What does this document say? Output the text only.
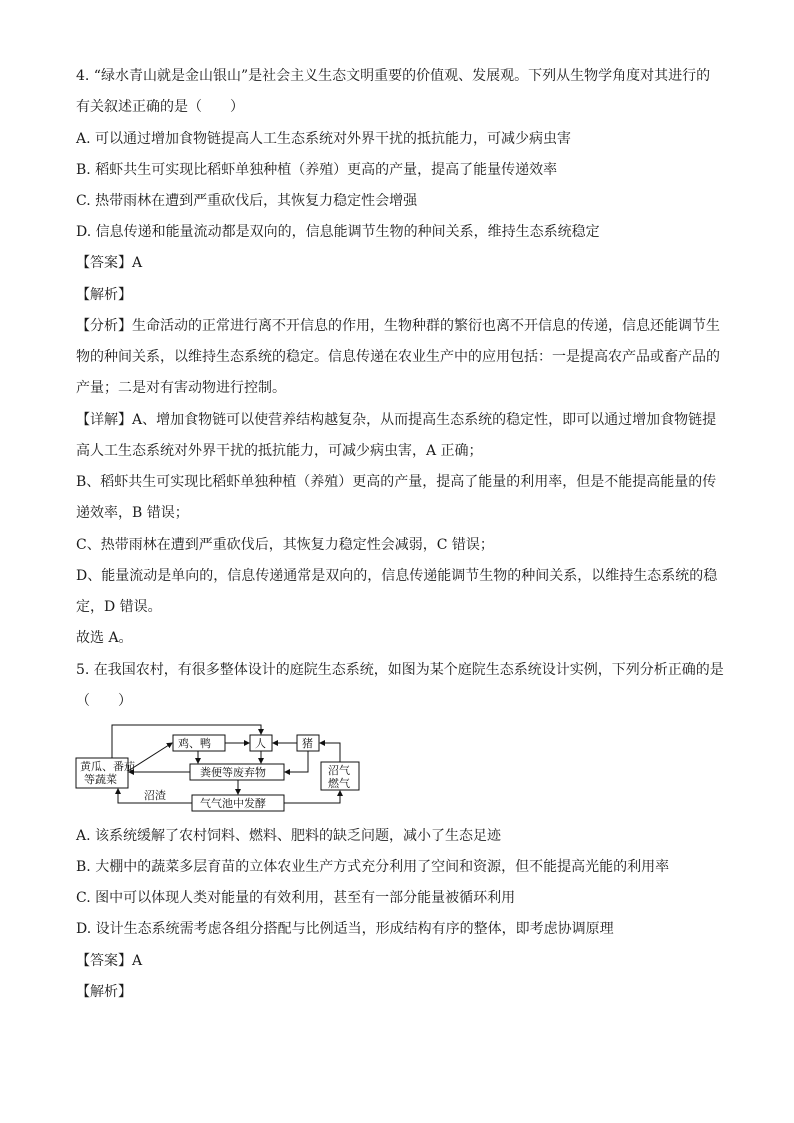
4. “绿水青山就是金山银山”是社会主义生态文明重要的价值观、发展观。下列从生物学角度对其进行的
有关叙述正确的是（　　）
A. 可以通过增加食物链提高人工生态系统对外界干扰的抵抗能力，可减少病虫害
B. 稻虾共生可实现比稻虾单独种植（养殖）更高的产量，提高了能量传递效率
C. 热带雨林在遭到严重砍伐后，其恢复力稳定性会增强
D. 信息传递和能量流动都是双向的，信息能调节生物的种间关系，维持生态系统稳定
【答案】A
【解析】
【分析】生命活动的正常进行离不开信息的作用，生物种群的繁衍也离不开信息的传递，信息还能调节生
物的种间关系，以维持生态系统的稳定。信息传递在农业生产中的应用包括：一是提高农产品或畜产品的
产量；二是对有害动物进行控制。
【详解】A、增加食物链可以使营养结构越复杂，从而提高生态系统的稳定性，即可以通过增加食物链提
高人工生态系统对外界干扰的抵抗能力，可减少病虫害，A 正确；
B、稻虾共生可实现比稻虾单独种植（养殖）更高的产量，提高了能量的利用率，但是不能提高能量的传
递效率，B 错误；
C、热带雨林在遭到严重砍伐后，其恢复力稳定性会减弱，C 错误；
D、能量流动是单向的，信息传递通常是双向的，信息传递能调节生物的种间关系，以维持生态系统的稳
定，D 错误。
故选 A。
5. 在我国农村，有很多整体设计的庭院生态系统，如图为某个庭院生态系统设计实例，下列分析正确的是
（　　）
黄瓜、番茄
等蔬菜
鸡、鸭	人	猪
粪便等废弃物	沼气
燃气
沼渣
气气池中发酵
A. 该系统缓解了农村饲料、燃料、肥料的缺乏问题，减小了生态足迹
B. 大棚中的蔬菜多层育苗的立体农业生产方式充分利用了空间和资源，但不能提高光能的利用率
C. 图中可以体现人类对能量的有效利用，甚至有一部分能量被循环利用
D. 设计生态系统需考虑各组分搭配与比例适当，形成结构有序的整体，即考虑协调原理
【答案】A
【解析】
